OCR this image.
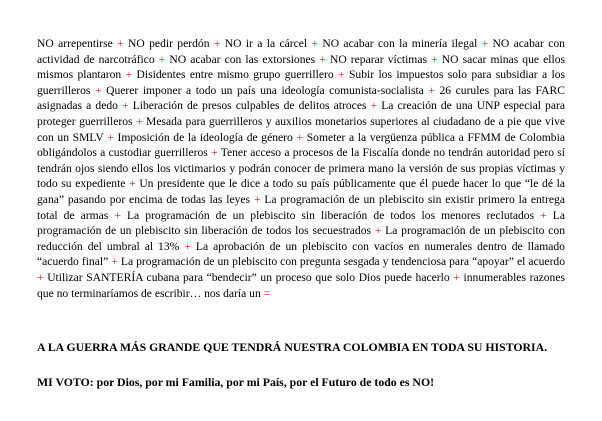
NO arrepentirse + NO pedir perdón + NO ir a la cárcel + NO acabar con la minería ilegal + NO acabar con actividad de narcotráfico + NO acabar con las extorsiones + NO reparar víctimas + NO sacar minas que ellos mismos plantaron + Disidentes entre mismo grupo guerrillero + Subir los impuestos solo para subsidiar a los guerrilleros + Querer imponer a todo un país una ideología comunista-socialista + 26 curules para las FARC asignadas a dedo + Liberación de presos culpables de delitos atroces + La creación de una UNP especial para proteger guerrilleros + Mesada para guerrilleros y auxilios monetarios superiores al ciudadano de a pie que vive con un SMLV + Imposición de la ideología de género + Someter a la vergüenza pública a FFMM de Colombia obligándolos a custodiar guerrilleros + Tener acceso a procesos de la Fiscalía donde no tendrán autoridad pero sí tendrán ojos siendo ellos los victimarios y podrán conocer de primera mano la versión de sus propias víctimas y todo su expediente + Un presidente que le dice a todo su país públicamente que él puede hacer lo que “le dé la gana” pasando por encima de todas las leyes + La programación de un plebiscito sin existir primero la entrega total de armas + La programación de un plebiscito sin liberación de todos los menores reclutados + La programación de un plebiscito sin liberación de todos los secuestrados + La programación de un plebiscito con reducción del umbral al 13% + La aprobación de un plebiscito con vacíos en numerales dentro de llamado “acuerdo final” + La programación de un plebiscito con pregunta sesgada y tendenciosa para “apoyar” el acuerdo + Utilizar SANTERÍA cubana para “bendecir” un proceso que solo Dios puede hacerlo + innumerables razones que no terminaríamos de escribir… nos daría un =

A LA GUERRA MÁS GRANDE QUE TENDRÁ NUESTRA COLOMBIA EN TODA SU HISTORIA.

MI VOTO: por Dios, por mi Familia, por mi País, por el Futuro de todo es NO!
